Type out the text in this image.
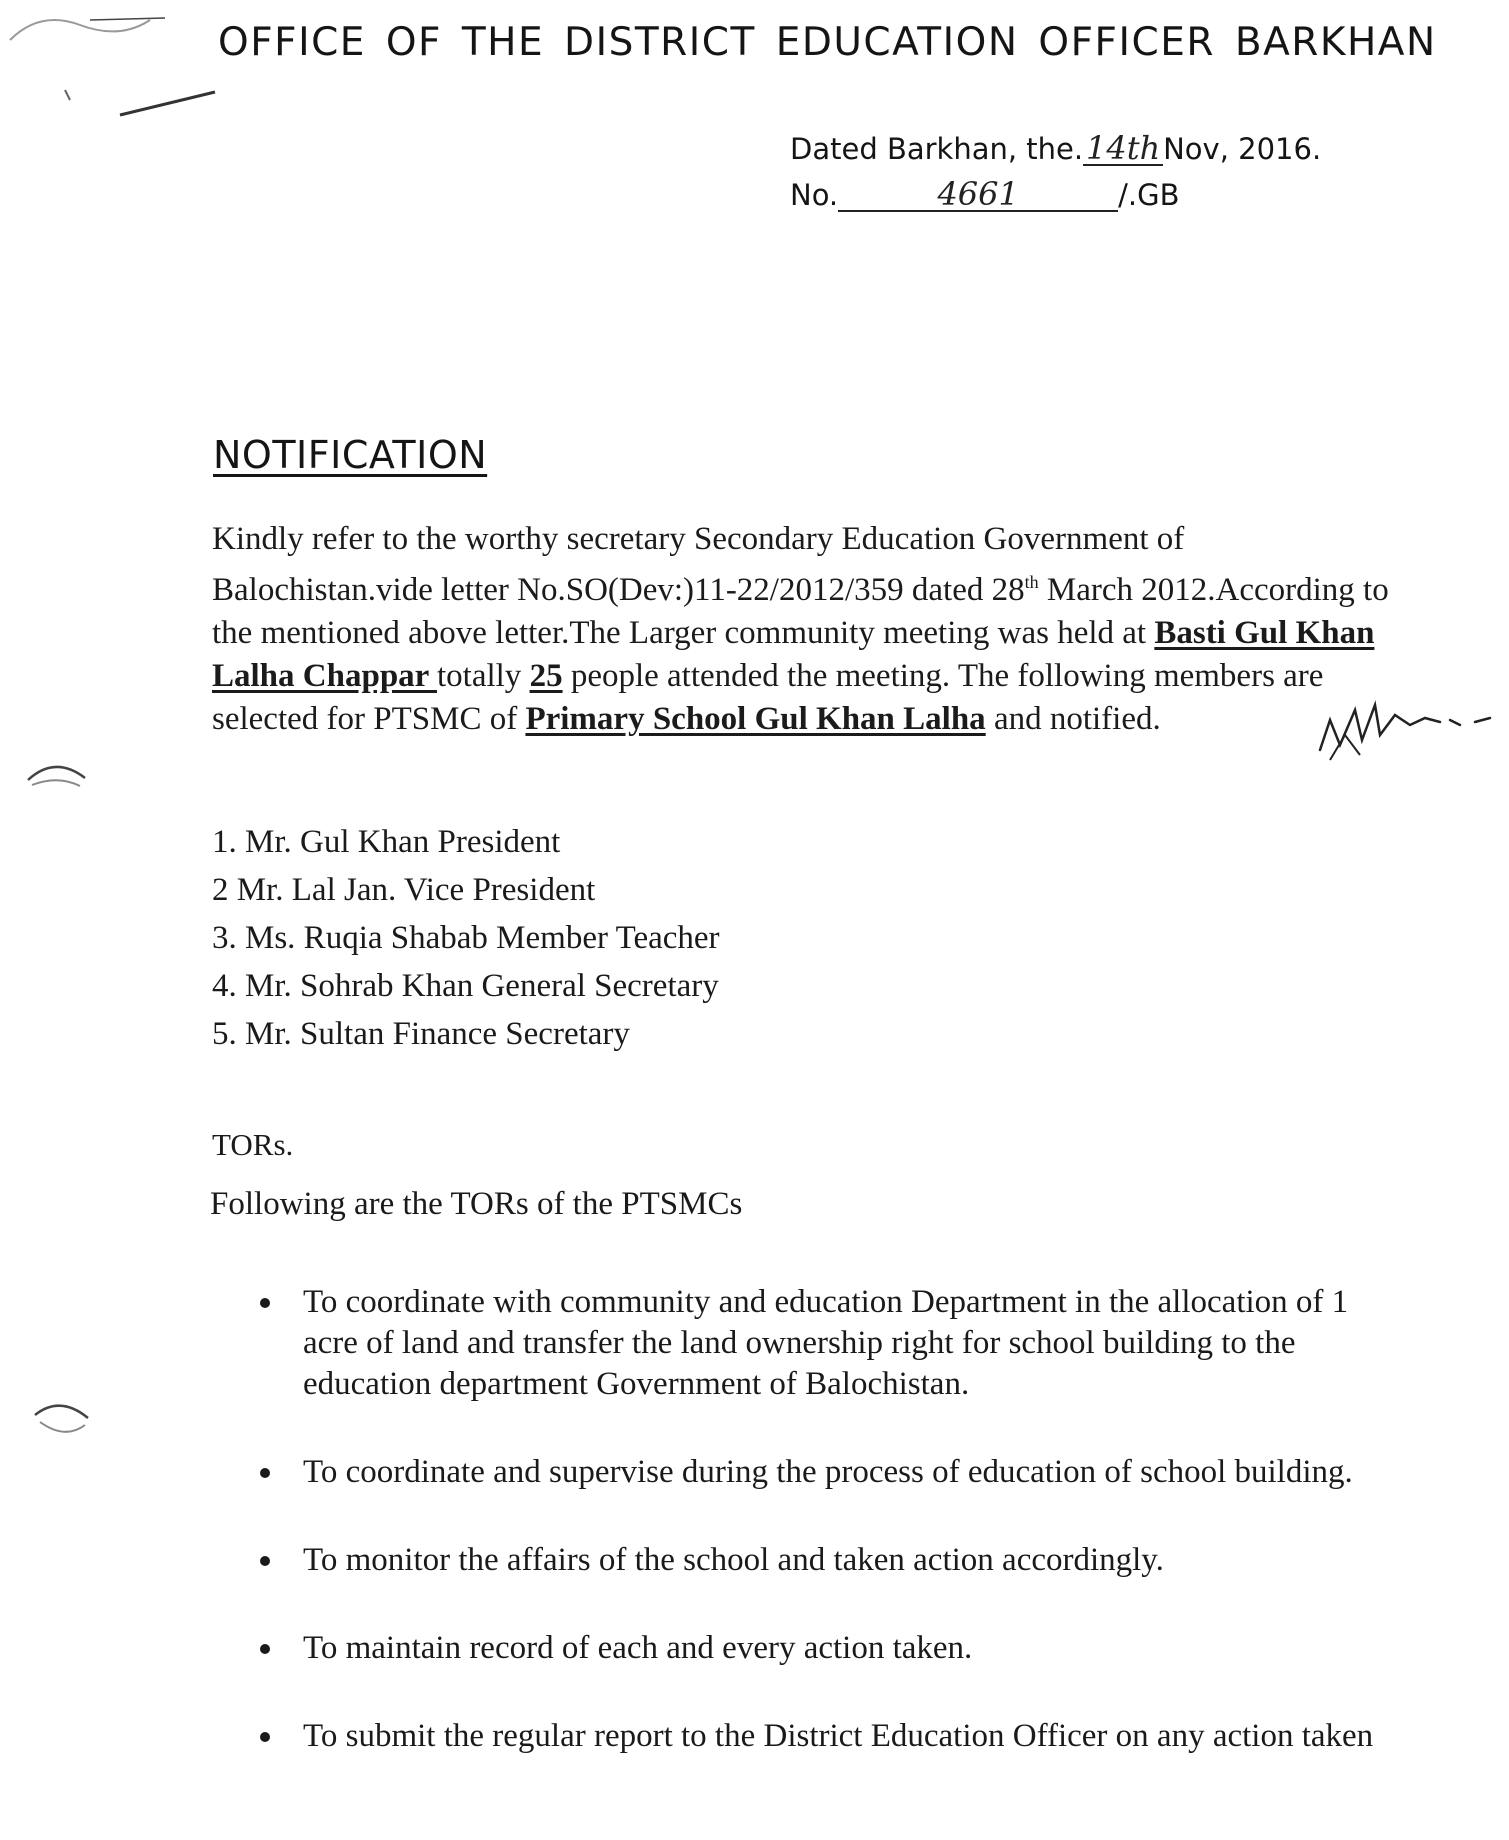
OFFICE OF THE DISTRICT EDUCATION OFFICER BARKHAN
Dated Barkhan, the.14th Nov, 2016.
No.	4661	/.GB
NOTIFICATION
Kindly refer to the worthy secretary Secondary Education Government of Balochistan.vide letter No.SO(Dev:)11-22/2012/359 dated 28th March 2012.According to the mentioned above letter.The Larger community meeting was held at Basti Gul Khan Lalha Chappar totally 25 people attended the meeting. The following members are selected for PTSMC of Primary School Gul Khan Lalha and notified.
1. Mr. Gul Khan President
2 Mr. Lal Jan. Vice President
3. Ms. Ruqia Shabab Member Teacher
4. Mr. Sohrab Khan General Secretary
5. Mr. Sultan Finance Secretary
TORs.
Following are the TORs of the PTSMCs
To coordinate with community and education Department in the allocation of 1 acre of land and transfer the land ownership right for school building to the education department Government of Balochistan.
To coordinate and supervise during the process of education of school building.
To monitor the affairs of the school and taken action accordingly.
To maintain record of each and every action taken.
To submit the regular report to the District Education Officer on any action taken
